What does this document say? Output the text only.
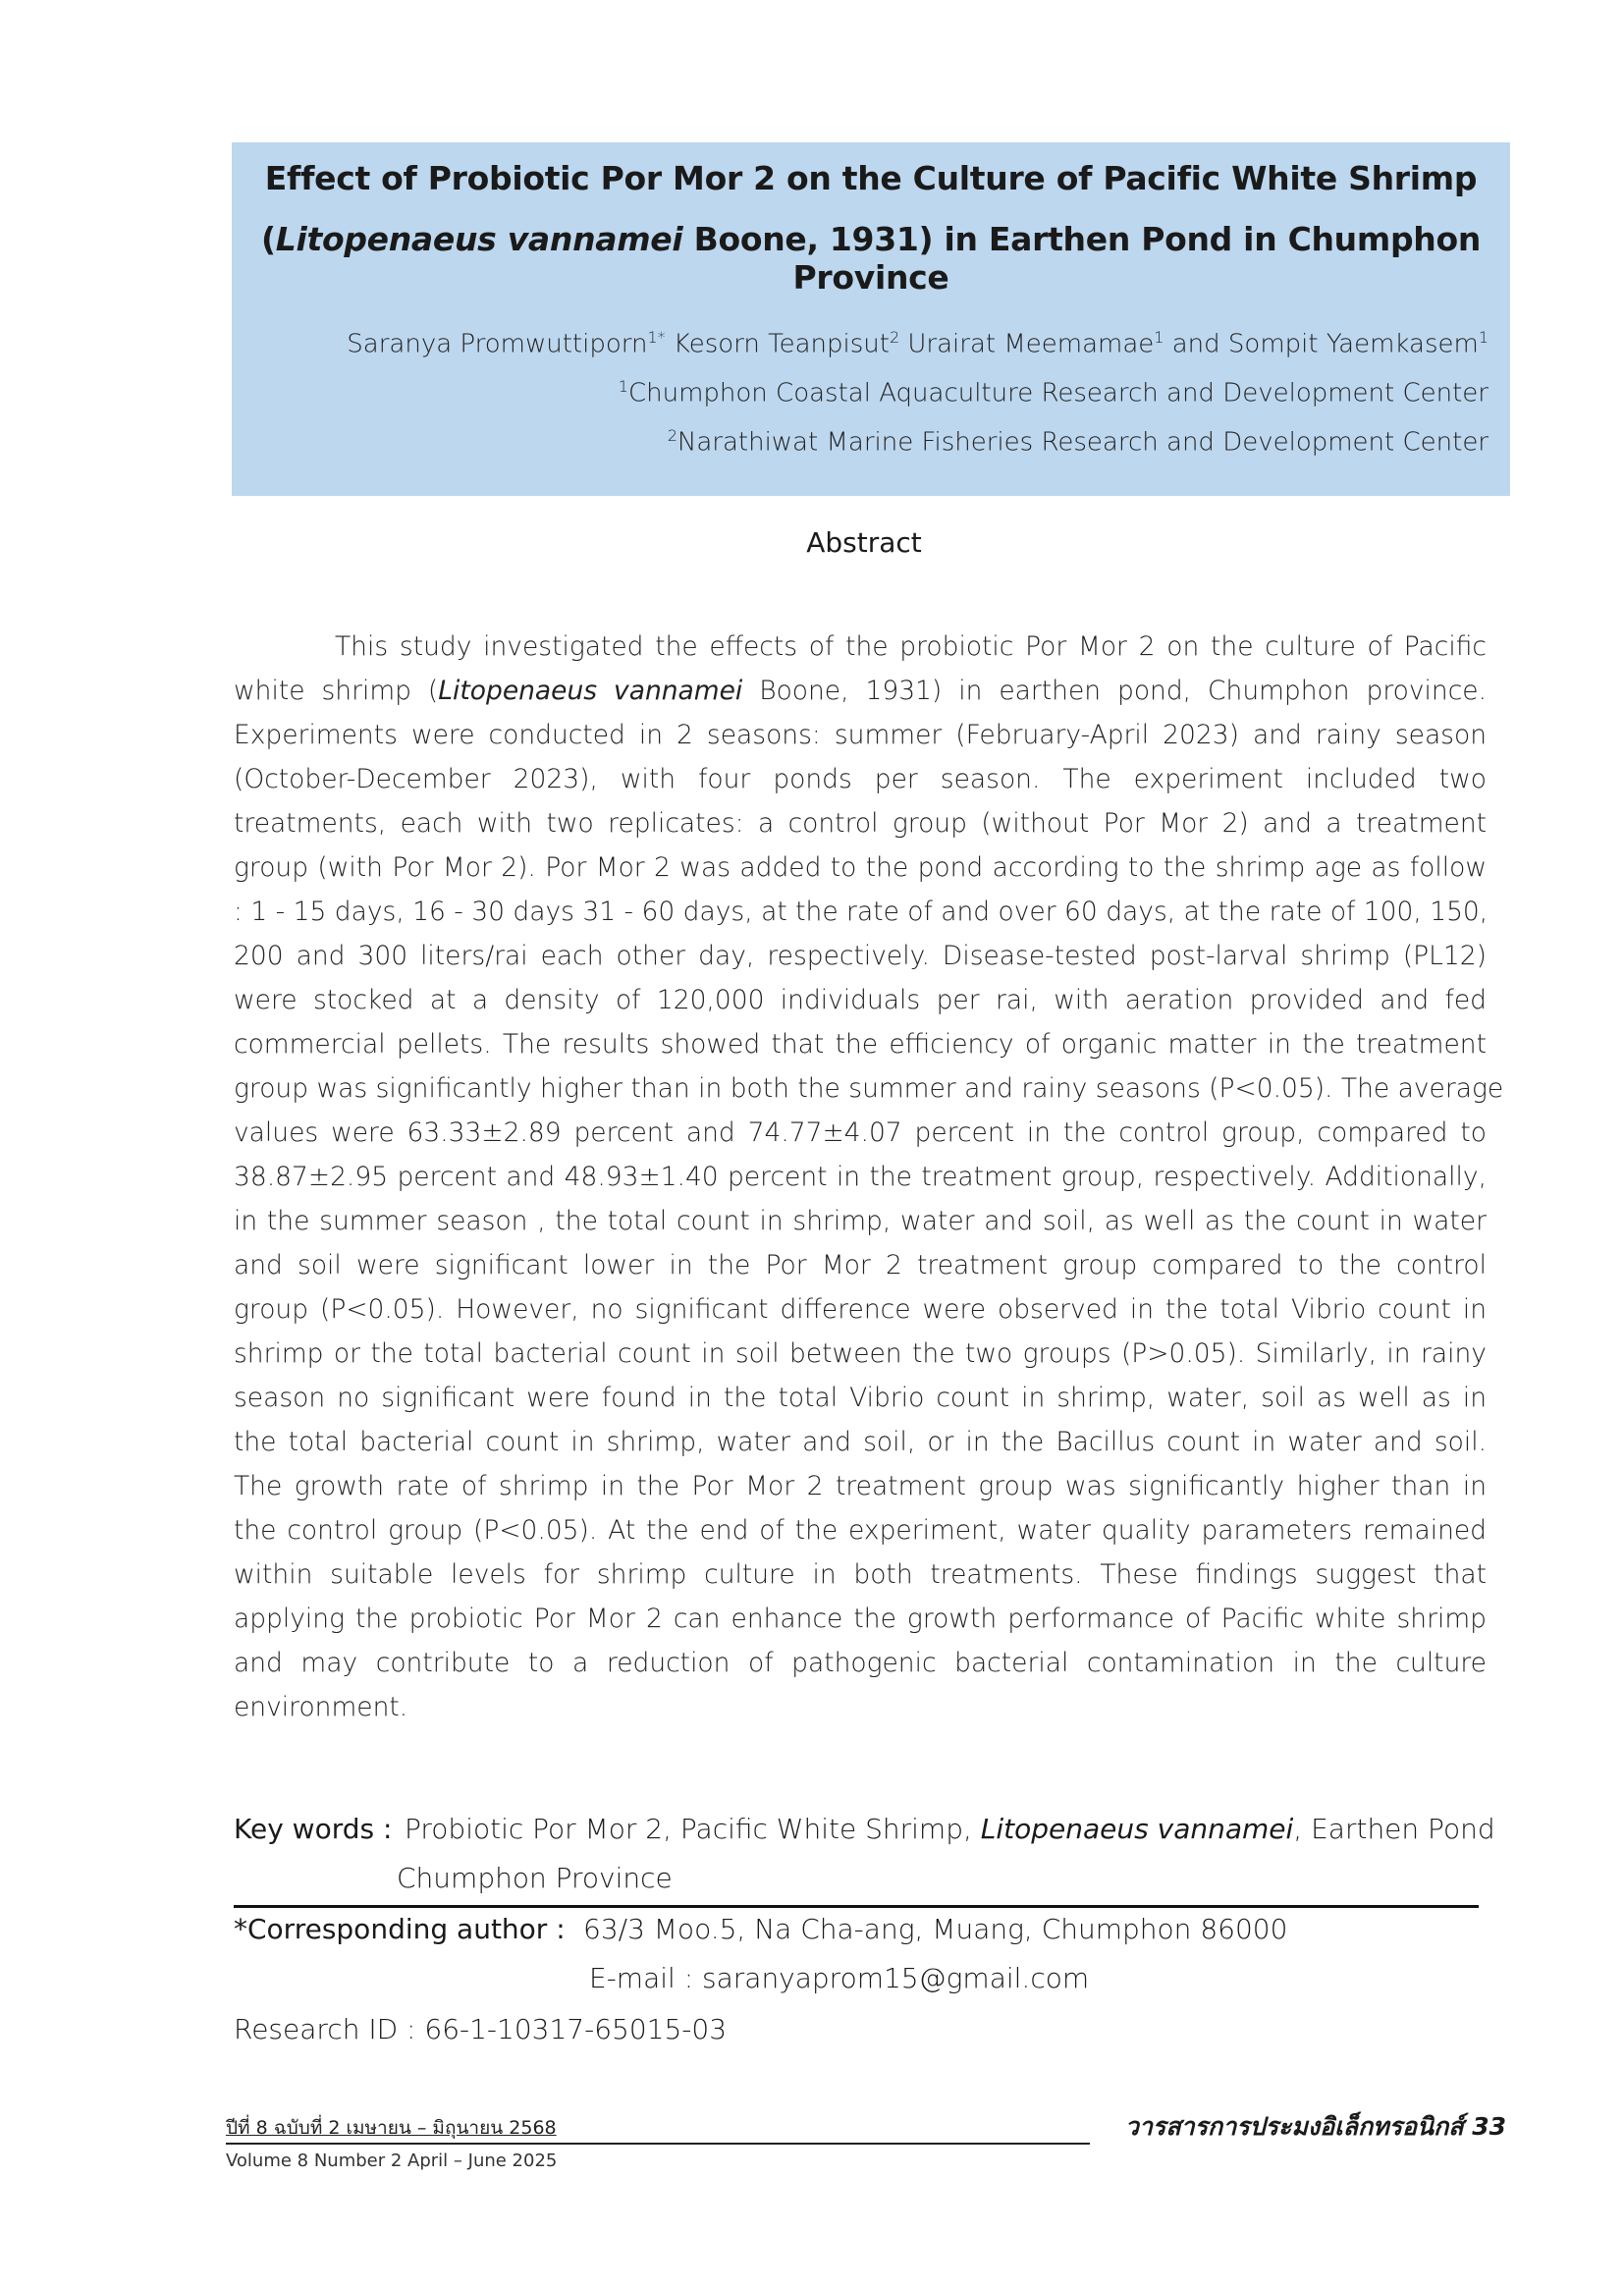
Effect of Probiotic Por Mor 2 on the Culture of Pacific White Shrimp
(Litopenaeus vannamei Boone, 1931) in Earthen Pond in Chumphon Province
Saranya Promwuttiporn$^{1*}$ Kesorn Teanpisut$^2$ Urairat Meemamae$^1$ and Sompit Yaemkasem$^1$
$^1$Chumphon Coastal Aquaculture Research and Development Center
$^2$Narathiwat Marine Fisheries Research and Development Center
Abstract
This study investigated the effects of the probiotic Por Mor 2 on the culture of Pacific
white shrimp (Litopenaeus vannamei Boone, 1931) in earthen pond, Chumphon province.
Experiments were conducted in 2 seasons: summer (February-April 2023) and rainy season
(October-December 2023), with four ponds per season. The experiment included two
treatments, each with two replicates: a control group (without Por Mor 2) and a treatment
group (with Por Mor 2). Por Mor 2 was added to the pond according to the shrimp age as follow
: 1 - 15 days, 16 - 30 days 31 - 60 days, at the rate of and over 60 days, at the rate of 100, 150,
200 and 300 liters/rai each other day, respectively. Disease-tested post-larval shrimp (PL12)
were stocked at a density of 120,000 individuals per rai, with aeration provided and fed
commercial pellets. The results showed that the efficiency of organic matter in the treatment
group was significantly higher than in both the summer and rainy seasons (P<0.05). The average
values were 63.33±2.89 percent and 74.77±4.07 percent in the control group, compared to
38.87±2.95 percent and 48.93±1.40 percent in the treatment group, respectively. Additionally,
in the summer season , the total count in shrimp, water and soil, as well as the count in water
and soil were significant lower in the Por Mor 2 treatment group compared to the control
group (P<0.05). However, no significant difference were observed in the total Vibrio count in
shrimp or the total bacterial count in soil between the two groups (P>0.05). Similarly, in rainy
season no significant were found in the total Vibrio count in shrimp, water, soil as well as in
the total bacterial count in shrimp, water and soil, or in the Bacillus count in water and soil.
The growth rate of shrimp in the Por Mor 2 treatment group was significantly higher than in
the control group (P<0.05). At the end of the experiment, water quality parameters remained
within suitable levels for shrimp culture in both treatments. These findings suggest that
applying the probiotic Por Mor 2 can enhance the growth performance of Pacific white shrimp
and may contribute to a reduction of pathogenic bacterial contamination in the culture
environment.
Key words : Probiotic Por Mor 2, Pacific White Shrimp, Litopenaeus vannamei, Earthen Pond
Chumphon Province
*Corresponding author : 63/3 Moo.5, Na Cha-ang, Muang, Chumphon 86000
E-mail : saranyaprom15@gmail.com
Research ID : 66-1-10317-65015-03
ปีที่ 8 ฉบับที่ 2 เมษายน – มิถุนายน 2568
Volume 8 Number 2 April – June 2025
วารสารการประมงอิเล็กทรอนิกส์ 33
